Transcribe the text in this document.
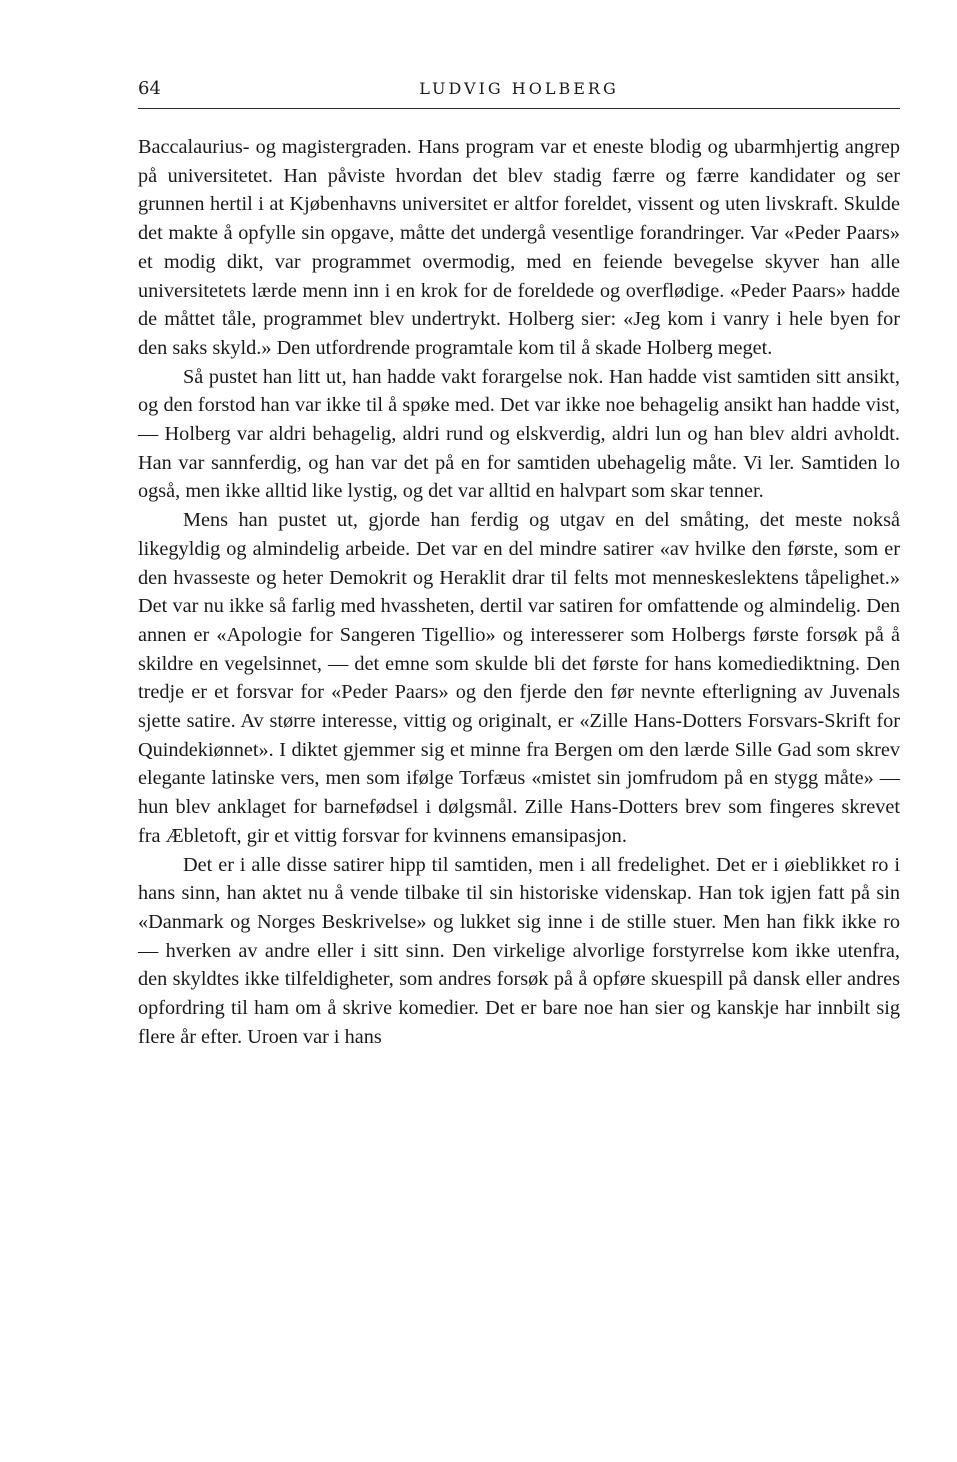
64	LUDVIG HOLBERG

Baccalaurius- og magistergraden. Hans program var et eneste blodig og ubarmhjertig angrep på universitetet. Han påviste hvordan det blev stadig færre og færre kandidater og ser grunnen hertil i at Kjøbenhavns universitet er altfor foreldet, vissent og uten livskraft. Skulde det makte å opfylle sin opgave, måtte det undergå vesentlige forandringer. Var «Peder Paars» et modig dikt, var programmet overmodig, med en feiende bevegelse skyver han alle universitetets lærde menn inn i en krok for de foreldede og overflødige. «Peder Paars» hadde de måttet tåle, programmet blev undertrykt. Holberg sier: «Jeg kom i vanry i hele byen for den saks skyld.» Den utfordrende programtale kom til å skade Holberg meget.

Så pustet han litt ut, han hadde vakt forargelse nok. Han hadde vist samtiden sitt ansikt, og den forstod han var ikke til å spøke med. Det var ikke noe behagelig ansikt han hadde vist, — Holberg var aldri behagelig, aldri rund og elskverdig, aldri lun og han blev aldri avholdt. Han var sannferdig, og han var det på en for samtiden ubehagelig måte. Vi ler. Samtiden lo også, men ikke alltid like lystig, og det var alltid en halvpart som skar tenner.

Mens han pustet ut, gjorde han ferdig og utgav en del småting, det meste nokså likegyldig og almindelig arbeide. Det var en del mindre satirer «av hvilke den første, som er den hvasseste og heter Demokrit og Heraklit drar til felts mot menneskeslektens tåpelighet.» Det var nu ikke så farlig med hvassheten, dertil var satiren for omfattende og almindelig. Den annen er «Apologie for Sangeren Tigellio» og interesserer som Holbergs første forsøk på å skildre en vegelsinnet, — det emne som skulde bli det første for hans komediediktning. Den tredje er et forsvar for «Peder Paars» og den fjerde den før nevnte efterligning av Juvenals sjette satire. Av større interesse, vittig og originalt, er «Zille Hans-Dotters Forsvars-Skrift for Quindekiønnet». I diktet gjemmer sig et minne fra Bergen om den lærde Sille Gad som skrev elegante latinske vers, men som ifølge Torfæus «mistet sin jomfrudom på en stygg måte» — hun blev anklaget for barnefødsel i dølgsmål. Zille Hans-Dotters brev som fingeres skrevet fra Æbletoft, gir et vittig forsvar for kvinnens emansipasjon.

Det er i alle disse satirer hipp til samtiden, men i all fredelighet. Det er i øieblikket ro i hans sinn, han aktet nu å vende tilbake til sin historiske videnskap. Han tok igjen fatt på sin «Danmark og Norges Beskrivelse» og lukket sig inne i de stille stuer. Men han fikk ikke ro — hverken av andre eller i sitt sinn. Den virkelige alvorlige forstyrrelse kom ikke utenfra, den skyldtes ikke tilfeldigheter, som andres forsøk på å opføre skuespill på dansk eller andres opfordring til ham om å skrive komedier. Det er bare noe han sier og kanskje har innbilt sig flere år efter. Uroen var i hans
